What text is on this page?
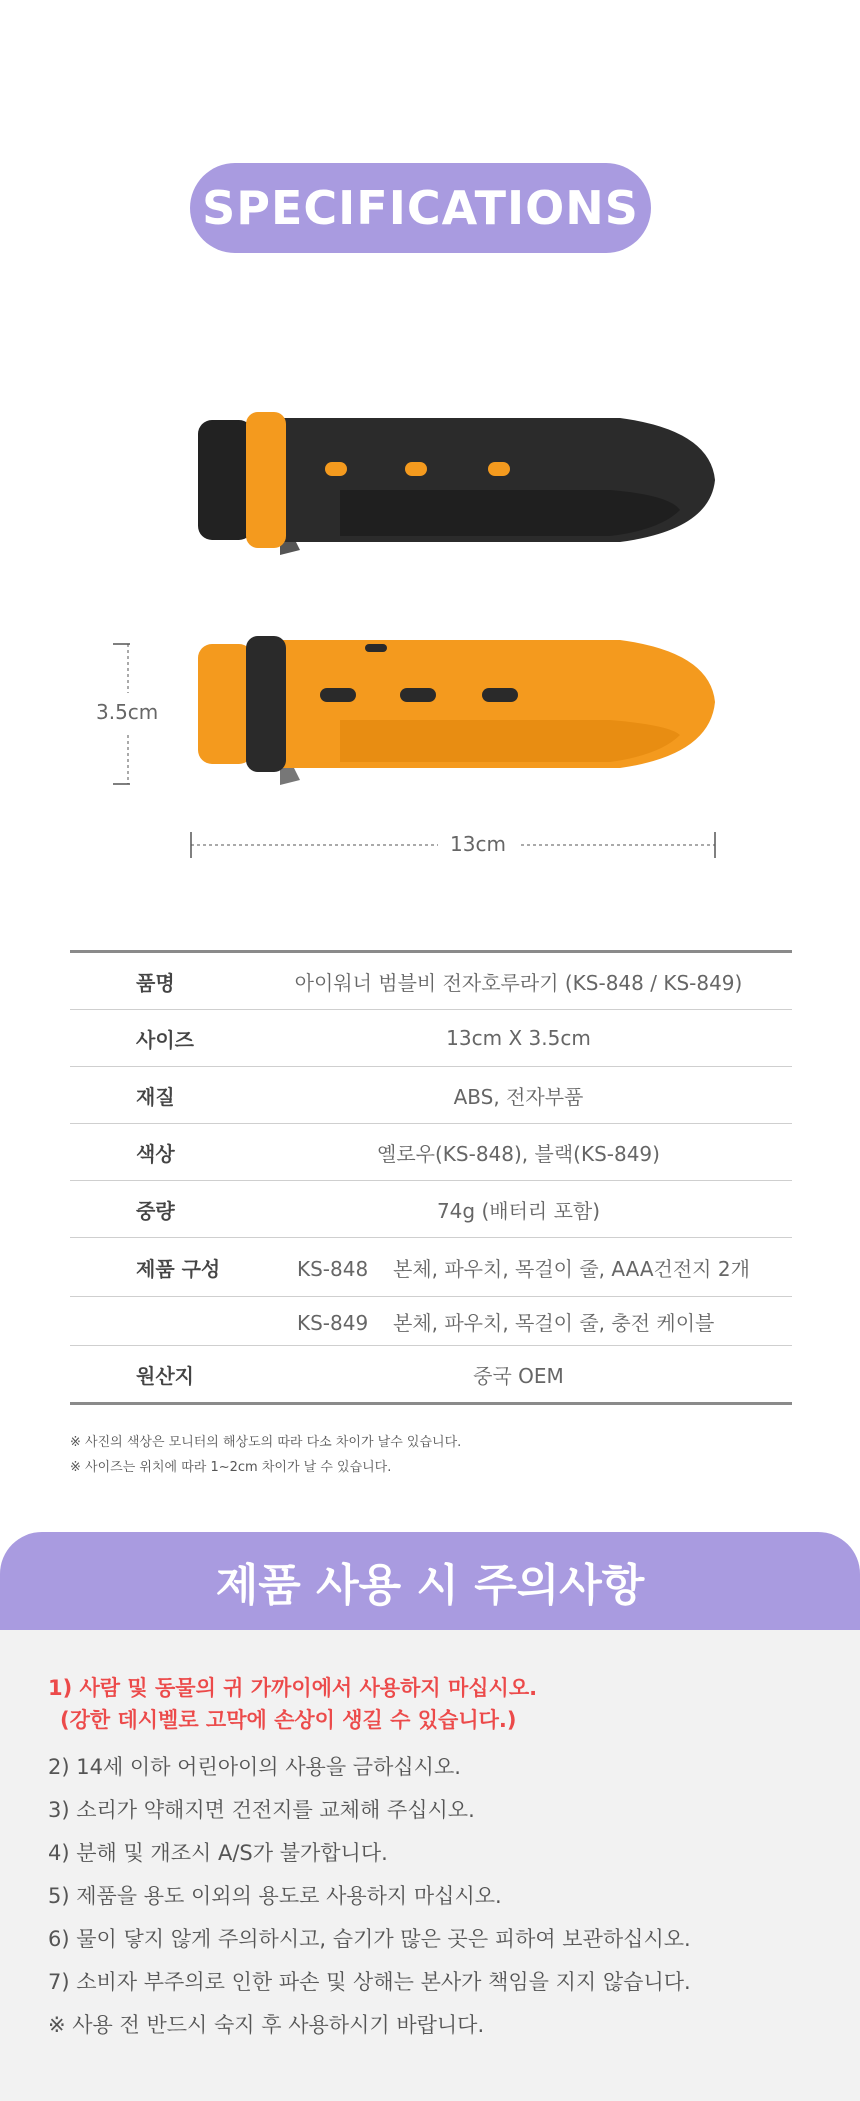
SPECIFICATIONS
3.5cm
13cm
품명	아이워너 범블비 전자호루라기 (KS-848 / KS-849)
사이즈	13cm X 3.5cm
재질	ABS, 전자부품
색상	옐로우(KS-848), 블랙(KS-849)
중량	74g (배터리 포함)
제품 구성	KS-848 본체, 파우치, 목걸이 줄, AAA건전지 2개
KS-849 본체, 파우치, 목걸이 줄, 충전 케이블
원산지	중국 OEM
※ 사진의 색상은 모니터의 해상도의 따라 다소 차이가 날수 있습니다.
※ 사이즈는 위치에 따라 1~2cm 차이가 날 수 있습니다.
제품 사용 시 주의사항
1) 사람 및 동물의 귀 가까이에서 사용하지 마십시오.
(강한 데시벨로 고막에 손상이 생길 수 있습니다.)
2) 14세 이하 어린아이의 사용을 금하십시오.
3) 소리가 약해지면 건전지를 교체해 주십시오.
4) 분해 및 개조시 A/S가 불가합니다.
5) 제품을 용도 이외의 용도로 사용하지 마십시오.
6) 물이 닿지 않게 주의하시고, 습기가 많은 곳은 피하여 보관하십시오.
7) 소비자 부주의로 인한 파손 및 상해는 본사가 책임을 지지 않습니다.
※ 사용 전 반드시 숙지 후 사용하시기 바랍니다.
